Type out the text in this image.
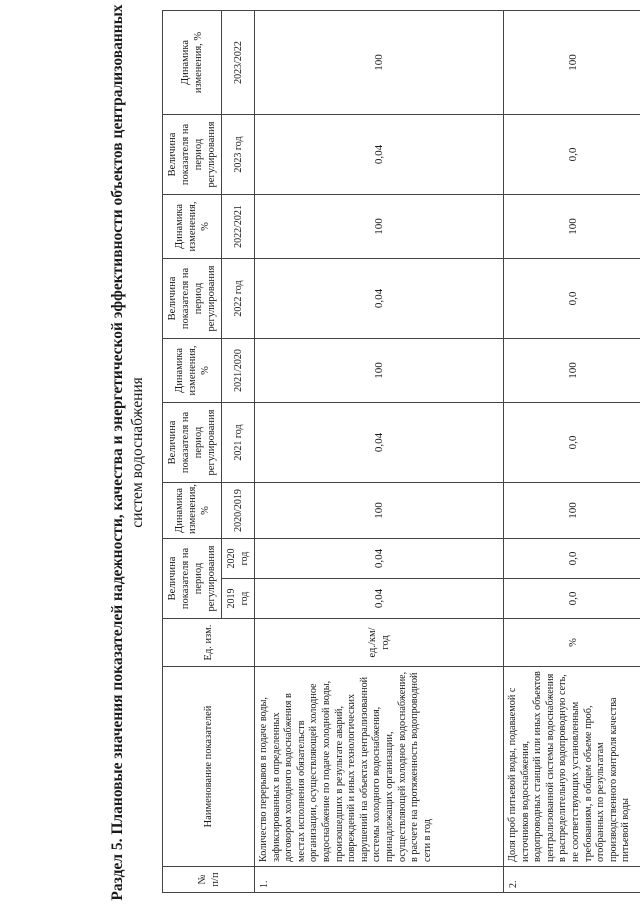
Раздел 5. Плановые значения показателей надежности, качества и энергетической эффективности объектов централизованных систем водоснабжения
№ п/п	Наименование показателей	Ед. изм.	Величина показателя на период регулирования		Динамика изменения, %	Величина показателя на период регулирования	Динамика изменения, %	Величина показателя на период регулирования	Динамика изменения, %	Величина показателя на период регулирования	Динамика изменения, %
			2019 год	2020 год	2020/2019	2021 год	2021/2020	2022 год	2022/2021	2023 год	2023/2022
1.	Количество перерывов в подаче воды, зафиксированных в определенных договором холодного водоснабжения в местах исполнения обязательств организации, осуществляющей холодное водоснабжение по подаче холодной воды, произошедших в результате аварий, повреждений и иных технологических нарушений на объектах централизованной системы холодного водоснабжения, принадлежащих организации, осуществляющей холодное водоснабжение, в расчете на протяженность водопроводной сети в год	ед./км/год	0,04	0,04	100	0,04	100	0,04	100	0,04	100
2.	Доля проб питьевой воды, подаваемой с источников водоснабжения, водопроводных станций или иных объектов централизованной системы водоснабжения в распределительную водопроводную сеть, не соответствующих установленным требованиям, в общем объеме проб, отобранных по результатам производственного контроля качества питьевой воды	%	0,0	0,0	100	0,0	100	0,0	100	0,0	100
